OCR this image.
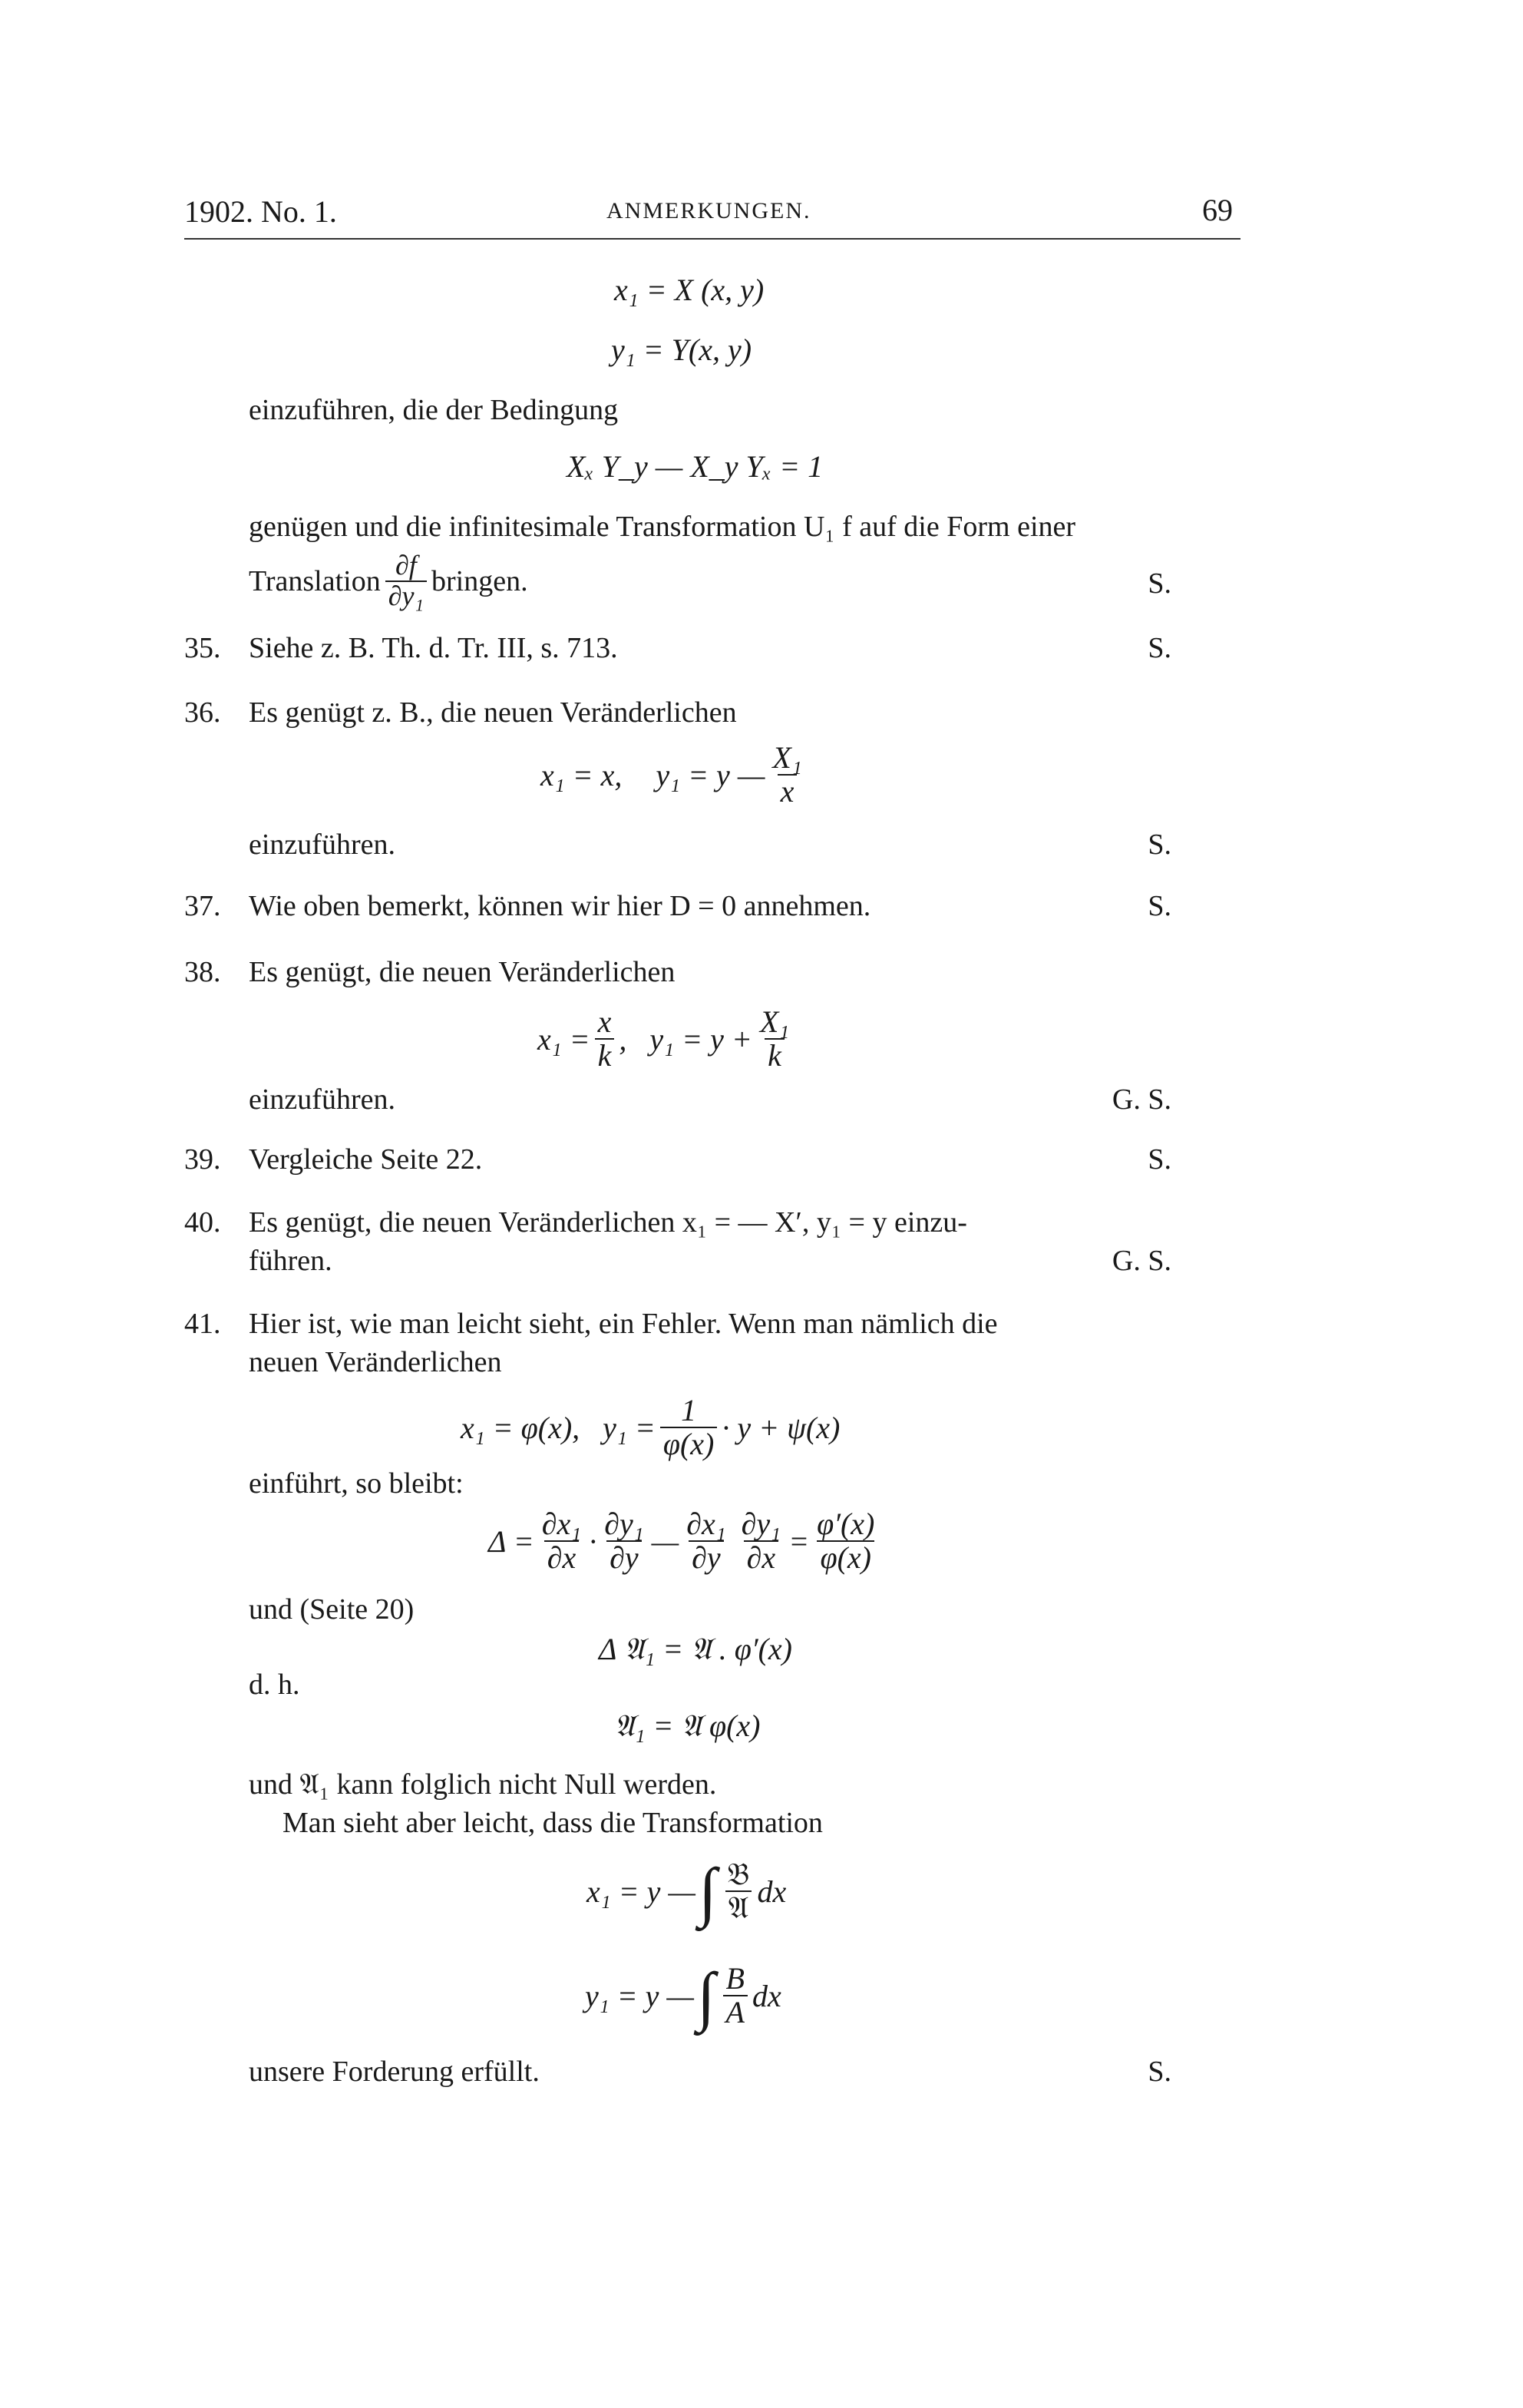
1902. No. 1.	ANMERKUNGEN.	69
x₁ = X (x, y)
y₁ = Y(x, y)
einzuführen, die der Bedingung
Xₓ Y_y — X_y Yₓ = 1
genügen und die infinitesimale Transformation U₁ f auf die Form einer
Translation $\frac{\partial f}{\text{∂y₁}}$ bringen.	S.
35. Siehe z. B. Th. d. Tr. III, s. 713.	S.
36. Es genügt z. B., die neuen Veränderlichen
x₁ = x, y₁ = y — $\frac{\text{X₁}}{x}$
einzuführen.	S.
37. Wie oben bemerkt, können wir hier D = 0 annehmen.	S.
38. Es genügt, die neuen Veränderlichen
$x_1 = \frac{x}{k}$ ,   $y_1 = y + \frac{\text{X₁}}{k}$
einzuführen.	G. S.
39. Vergleiche Seite 22.	S.
40. Es genügt, die neuen Veränderlichen x₁ = — X′, y₁ = y einzu-
führen.	G. S.
41. Hier ist, wie man leicht sieht, ein Fehler. Wenn man nämlich die
neuen Veränderlichen
x₁ = φ(x),   $y_1 = \frac{1}{\varphi(x)} \cdot y + \psi(x)$
einführt, so bleibt:
$\Delta = \frac{\text{∂x₁}}{\partial x} \cdot \frac{\text{∂y₁}}{\partial y}$ — $\frac{\text{∂x₁}}{\partial y} \frac{\text{∂y₁}}{\partial x} = \frac{\varphi'(x)}{\varphi(x)}$
und (Seite 20)
Δ 𝔄₁ = 𝔄 . φ′(x)
d. h.
𝔄₁ = 𝔄 φ(x)
und 𝔄₁ kann folglich nicht Null werden.
Man sieht aber leicht, dass die Transformation
x₁ = y — ∫ $\frac{\text{𝔅}}{\text{𝔄}}$ dx
y₁ = y — ∫ $\frac{B}{A}$ dx
unsere Forderung erfüllt.	S.
